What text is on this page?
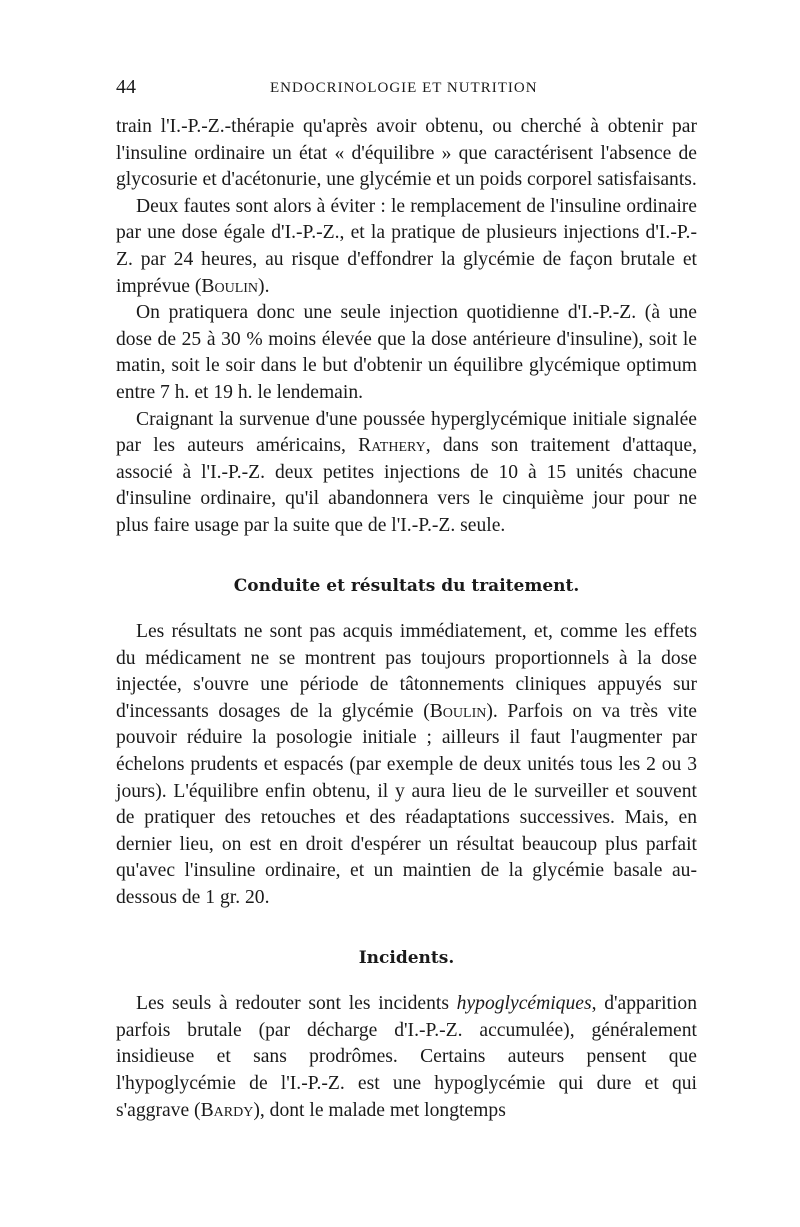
44	ENDOCRINOLOGIE ET NUTRITION

train l'I.-P.-Z.-thérapie qu'après avoir obtenu, ou cherché à obtenir par l'insuline ordinaire un état « d'équilibre » que caractérisent l'absence de glycosurie et d'acétonurie, une glycémie et un poids corporel satisfaisants.

Deux fautes sont alors à éviter : le remplacement de l'insuline ordinaire par une dose égale d'I.-P.-Z., et la pratique de plusieurs injections d'I.-P.-Z. par 24 heures, au risque d'effondrer la glycémie de façon brutale et imprévue (Boulin).

On pratiquera donc une seule injection quotidienne d'I.-P.-Z. (à une dose de 25 à 30 % moins élevée que la dose antérieure d'insuline), soit le matin, soit le soir dans le but d'obtenir un équilibre glycémique optimum entre 7 h. et 19 h. le lendemain.

Craignant la survenue d'une poussée hyperglycémique initiale signalée par les auteurs américains, Rathery, dans son traitement d'attaque, associé à l'I.-P.-Z. deux petites injections de 10 à 15 unités chacune d'insuline ordinaire, qu'il abandonnera vers le cinquième jour pour ne plus faire usage par la suite que de l'I.-P.-Z. seule.

Conduite et résultats du traitement.

Les résultats ne sont pas acquis immédiatement, et, comme les effets du médicament ne se montrent pas toujours proportionnels à la dose injectée, s'ouvre une période de tâtonnements cliniques appuyés sur d'incessants dosages de la glycémie (Boulin). Parfois on va très vite pouvoir réduire la posologie initiale ; ailleurs il faut l'augmenter par échelons prudents et espacés (par exemple de deux unités tous les 2 ou 3 jours). L'équilibre enfin obtenu, il y aura lieu de le surveiller et souvent de pratiquer des retouches et des réadaptations successives. Mais, en dernier lieu, on est en droit d'espérer un résultat beaucoup plus parfait qu'avec l'insuline ordinaire, et un maintien de la glycémie basale au-dessous de 1 gr. 20.

Incidents.

Les seuls à redouter sont les incidents hypoglycémiques, d'apparition parfois brutale (par décharge d'I.-P.-Z. accumulée), généralement insidieuse et sans prodrômes. Certains auteurs pensent que l'hypoglycémie de l'I.-P.-Z. est une hypoglycémie qui dure et qui s'aggrave (Bardy), dont le malade met longtemps
